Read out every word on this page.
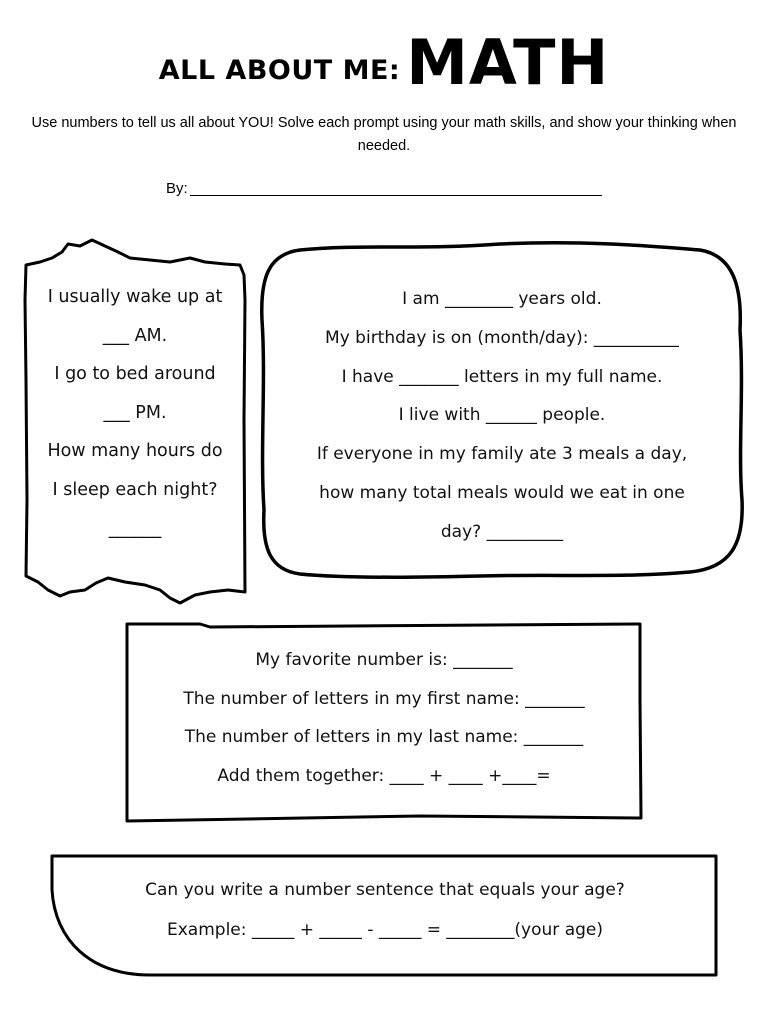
ALL ABOUT ME: MATH
Use numbers to tell us all about YOU! Solve each prompt using your math skills, and show your thinking when needed.
By:
I usually wake up at
___ AM.
I go to bed around
___ PM.
How many hours do
I sleep each night?
______
I am ________ years old.
My birthday is on (month/day): __________
I have _______ letters in my full name.
I live with ______ people.
If everyone in my family ate 3 meals a day,
how many total meals would we eat in one
day? _________
My favorite number is: _______
The number of letters in my first name: _______
The number of letters in my last name: _______
Add them together: ____ + ____ +____=
Can you write a number sentence that equals your age?
Example: _____ + _____ - _____ = ________(your age)
